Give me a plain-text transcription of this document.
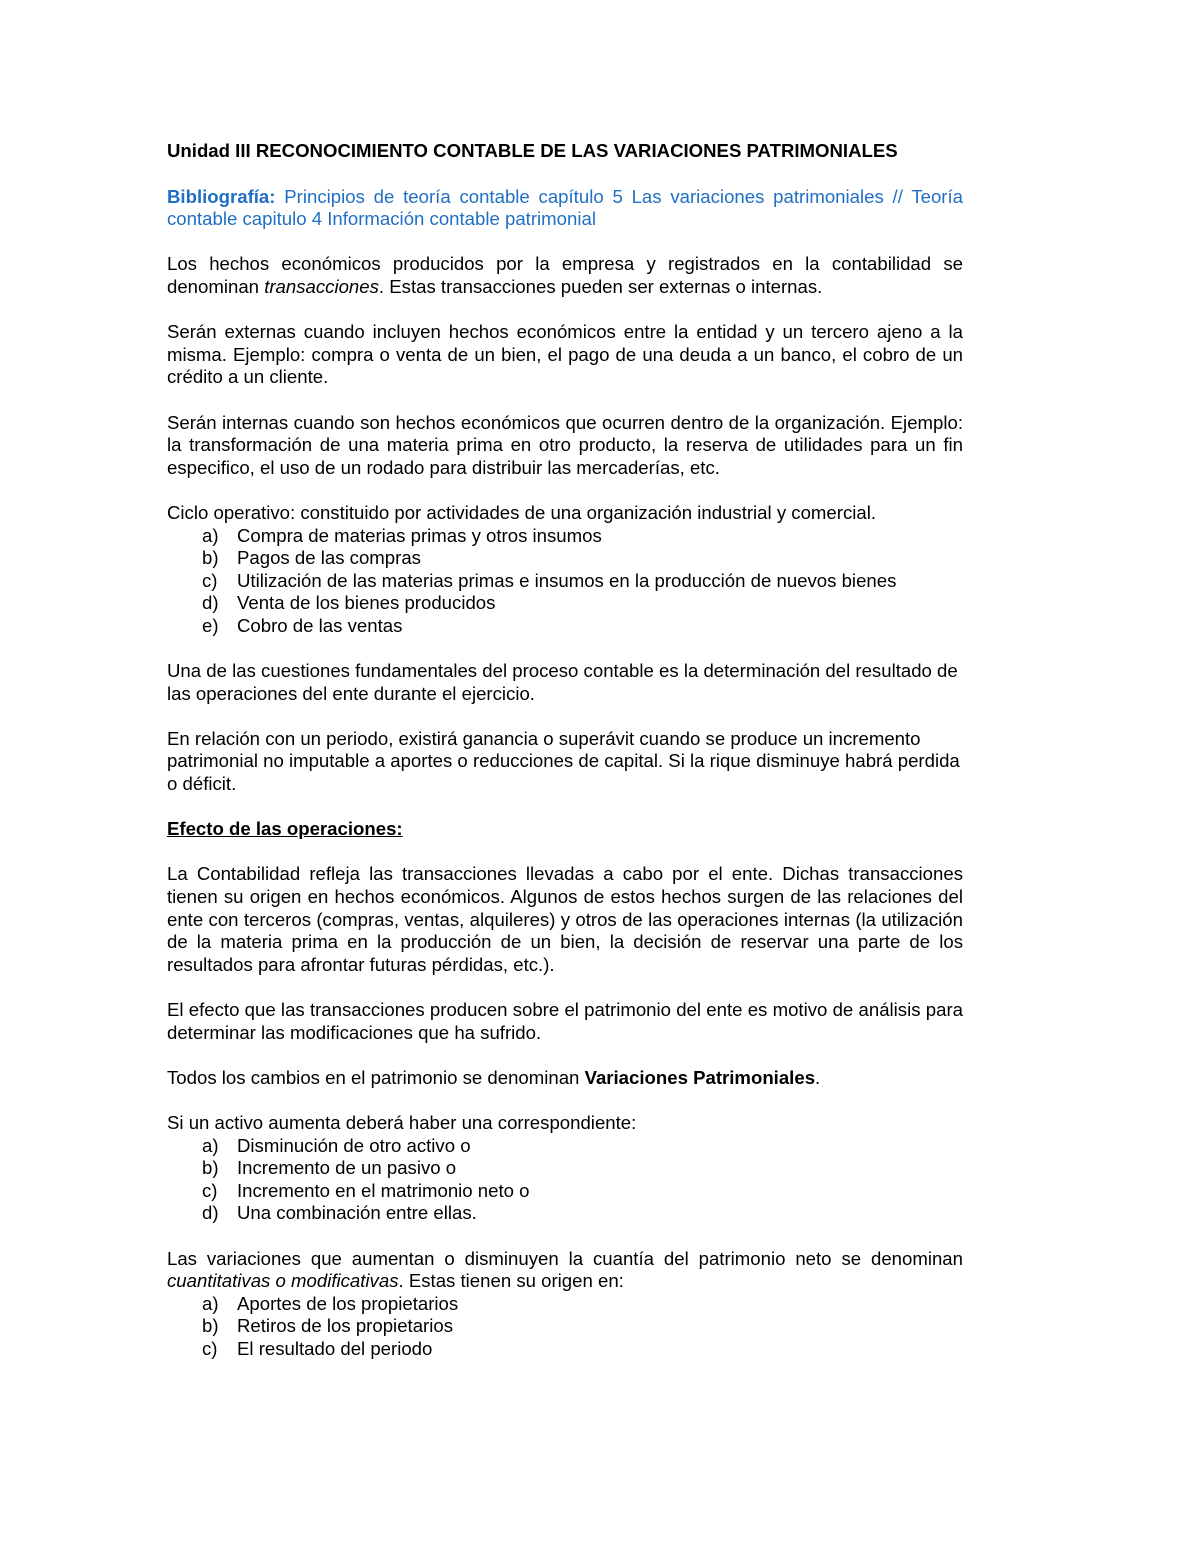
Unidad III RECONOCIMIENTO CONTABLE DE LAS VARIACIONES PATRIMONIALES

Bibliografía: Principios de teoría contable capítulo 5 Las variaciones patrimoniales // Teoría contable capitulo 4 Información contable patrimonial

Los hechos económicos producidos por la empresa y registrados en la contabilidad se denominan transacciones. Estas transacciones pueden ser externas o internas.

Serán externas cuando incluyen hechos económicos entre la entidad y un tercero ajeno a la misma. Ejemplo: compra o venta de un bien, el pago de una deuda a un banco, el cobro de un crédito a un cliente.

Serán internas cuando son hechos económicos que ocurren dentro de la organización. Ejemplo: la transformación de una materia prima en otro producto, la reserva de utilidades para un fin especifico, el uso de un rodado para distribuir las mercaderías, etc.

Ciclo operativo: constituido por actividades de una organización industrial y comercial.

a) Compra de materias primas y otros insumos
b) Pagos de las compras
c) Utilización de las materias primas e insumos en la producción de nuevos bienes
d) Venta de los bienes producidos
e) Cobro de las ventas

Una de las cuestiones fundamentales del proceso contable es la determinación del resultado de las operaciones del ente durante el ejercicio.

En relación con un periodo, existirá ganancia o superávit cuando se produce un incremento patrimonial no imputable a aportes o reducciones de capital. Si la rique disminuye habrá perdida o déficit.

Efecto de las operaciones:

La Contabilidad refleja las transacciones llevadas a cabo por el ente. Dichas transacciones tienen su origen en hechos económicos. Algunos de estos hechos surgen de las relaciones del ente con terceros (compras, ventas, alquileres) y otros de las operaciones internas (la utilización de la materia prima en la producción de un bien, la decisión de reservar una parte de los resultados para afrontar futuras pérdidas, etc.).

El efecto que las transacciones producen sobre el patrimonio del ente es motivo de análisis para determinar las modificaciones que ha sufrido.

Todos los cambios en el patrimonio se denominan Variaciones Patrimoniales.

Si un activo aumenta deberá haber una correspondiente:

a) Disminución de otro activo o
b) Incremento de un pasivo o
c) Incremento en el matrimonio neto o
d) Una combinación entre ellas.

Las variaciones que aumentan o disminuyen la cuantía del patrimonio neto se denominan cuantitativas o modificativas. Estas tienen su origen en:

a) Aportes de los propietarios
b) Retiros de los propietarios
c) El resultado del periodo
